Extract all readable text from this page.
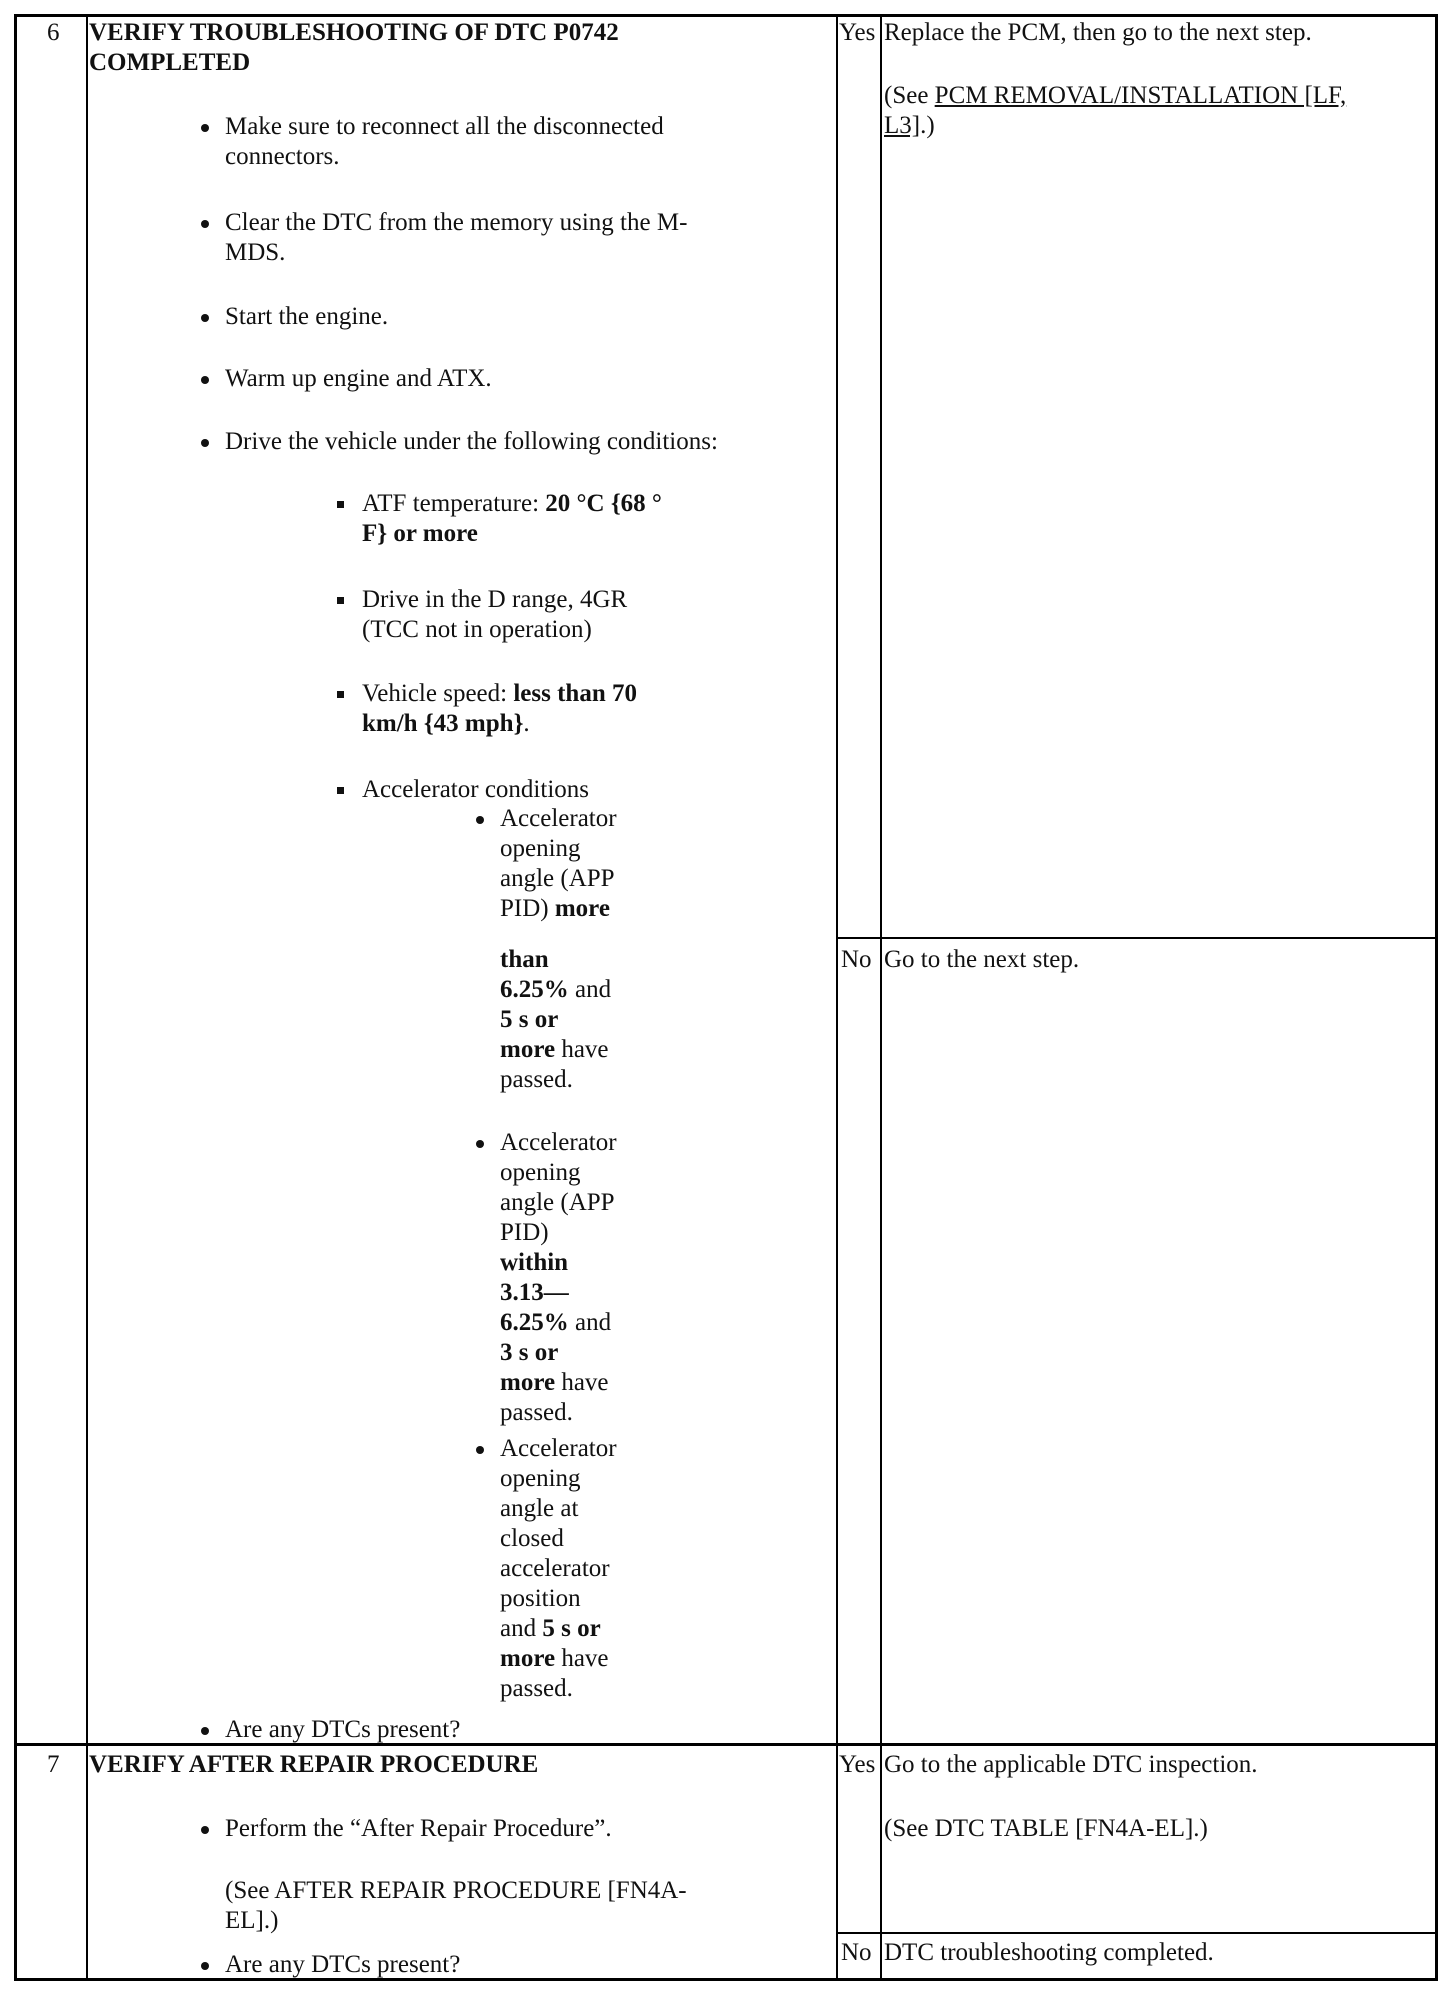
6 VERIFY TROUBLESHOOTING OF DTC P0742
COMPLETED
Make sure to reconnect all the disconnected
connectors.
Clear the DTC from the memory using the M-
MDS.
Start the engine.
Warm up engine and ATX.
Drive the vehicle under the following conditions:
ATF temperature: 20 °C {68 °
F} or more
Drive in the D range, 4GR
(TCC not in operation)
Vehicle speed: less than 70
km/h {43 mph}.
Accelerator conditions
Accelerator
opening
angle (APP
PID) more
than
6.25% and
5 s or
more have
passed.
Accelerator
opening
angle (APP
PID)
within
3.13—
6.25% and
3 s or
more have
passed.
Accelerator
opening
angle at
closed
accelerator
position
and 5 s or
more have
passed.
Are any DTCs present?
Yes Replace the PCM, then go to the next step.
(See PCM REMOVAL/INSTALLATION [LF,
L3].)
No Go to the next step.
7 VERIFY AFTER REPAIR PROCEDURE
Perform the “After Repair Procedure”.
(See AFTER REPAIR PROCEDURE [FN4A-
EL].)
Are any DTCs present?
Yes Go to the applicable DTC inspection.
(See DTC TABLE [FN4A-EL].)
No DTC troubleshooting completed.
